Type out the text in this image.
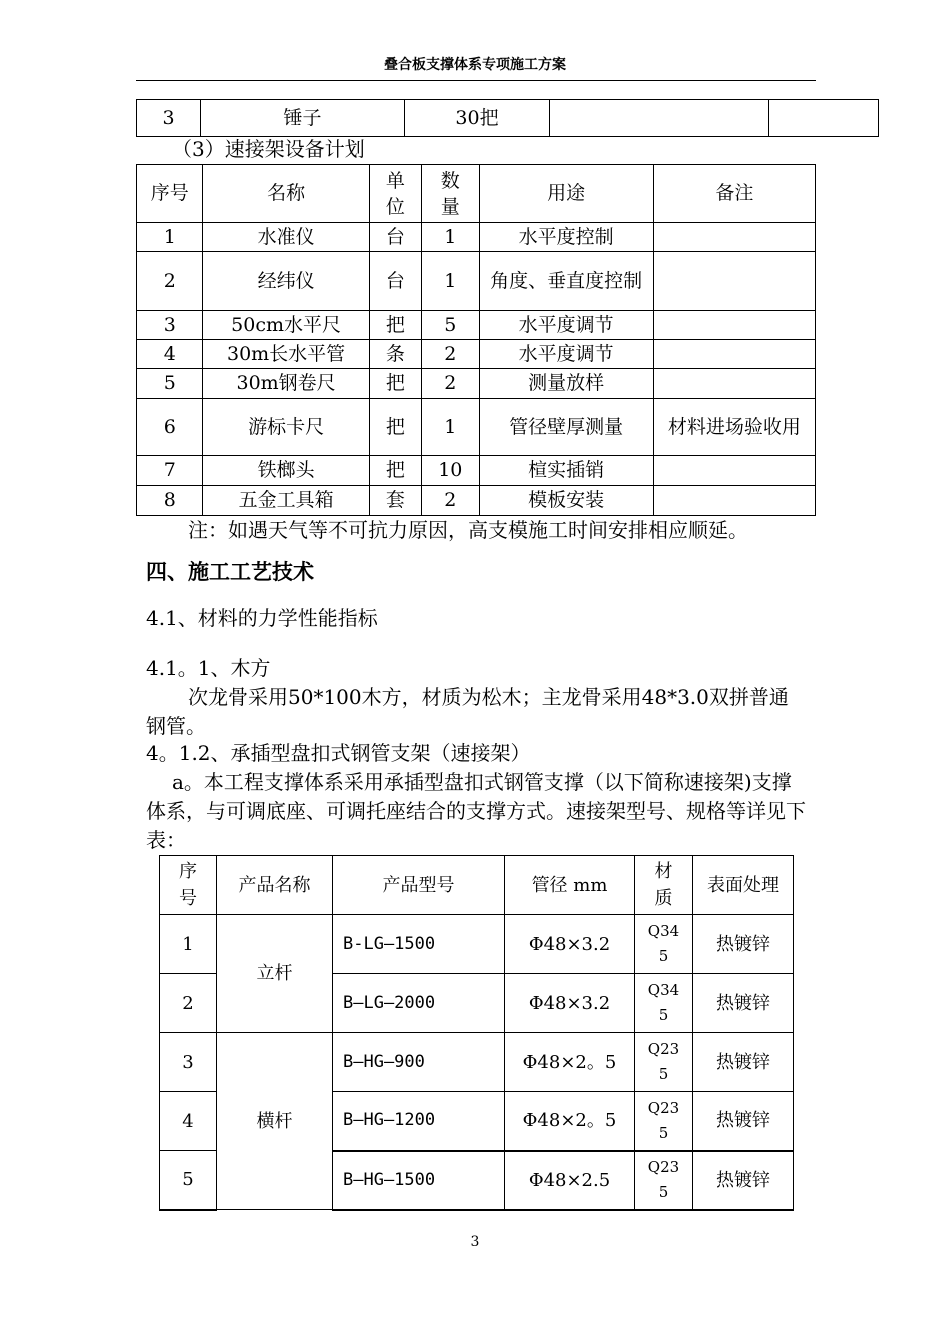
叠合板支撑体系专项施工方案
3	锤子	30把		
（3）速接架设备计划
序号	名称	单位	数量	用途	备注
1	水准仪	台	1	水平度控制	
2	经纬仪	台	1	角度、垂直度控制	
3	50cm水平尺	把	5	水平度调节	
4	30m长水平管	条	2	水平度调节	
5	30m钢卷尺	把	2	测量放样	
6	游标卡尺	把	1	管径壁厚测量	材料进场验收用
7	铁榔头	把	10	楦实插销	
8	五金工具箱	套	2	模板安装	
注：如遇天气等不可抗力原因，高支模施工时间安排相应顺延。
四、施工工艺技术
4.1、材料的力学性能指标
4.1。1、木方
次龙骨采用50*100木方，材质为松木；主龙骨采用48*3.0双拼普通钢管。
4。1.2、承插型盘扣式钢管支架（速接架）
a。本工程支撑体系采用承插型盘扣式钢管支撑（以下简称速接架)支撑体系，与可调底座、可调托座结合的支撑方式。速接架型号、规格等详见下表：
序号	产品名称	产品型号	管径 mm	材质	表面处理
1	立杆	B-LG—1500	Φ48×3.2	Q345	热镀锌
2		B—LG—2000	Φ48×3.2	Q345	热镀锌
3	横杆	B—HG—900	Φ48×2。5	Q235	热镀锌
4		B—HG—1200	Φ48×2。5	Q235	热镀锌
5		B—HG—1500	Φ48×2.5	Q235	热镀锌
3
